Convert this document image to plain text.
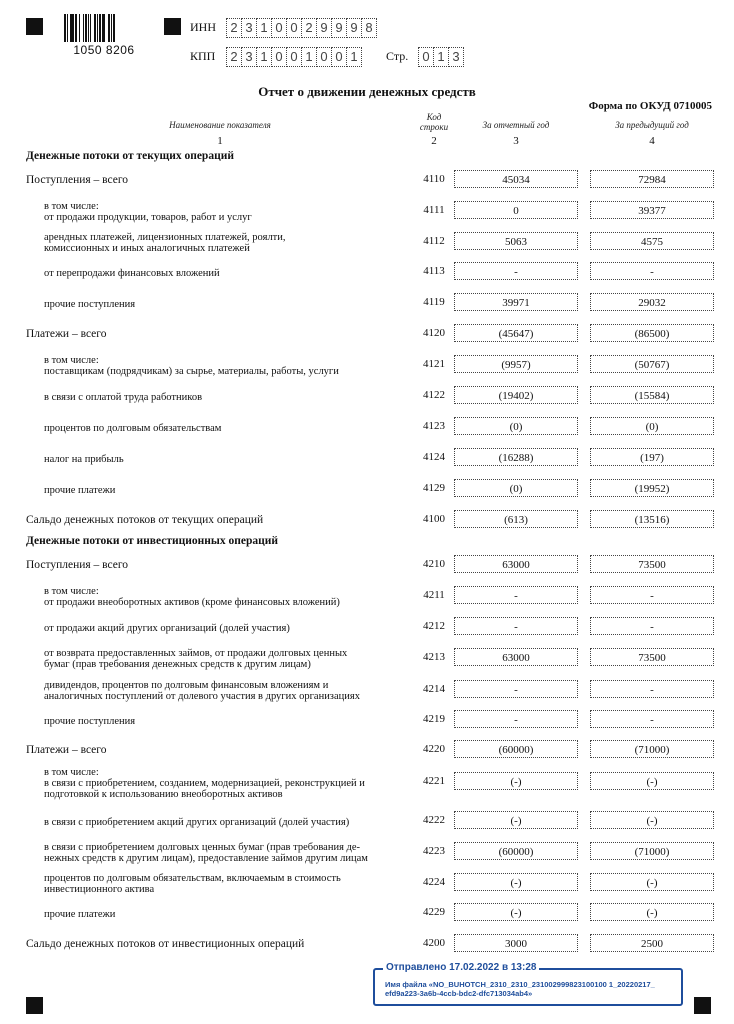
1050 8206
ИНН	2 3 1 0 0 2 9 9 9 8
КПП	2 3 1 0 0 1 0 0 1	Стр.	0 1 3
Отчет о движении денежных средств
Форма по ОКУД 0710005
Наименование показателя
Код
строки	За отчетный год	За предыдущий год
1	2	3	4
Денежные потоки от текущих операций
Денежные потоки от инвестиционных операций
Поступления – всего	4110	45034	72984
в том числе:
от продажи продукции, товаров, работ и услуг
4111	0	39377
арендных платежей, лицензионных платежей, роялти,
комиссионных и иных аналогичных платежей
4112	5063	4575
от перепродажи финансовых вложений	4113	-	-
прочие поступления	4119	39971	29032
Платежи – всего	4120	(45647)	(86500)
в том числе:
поставщикам (подрядчикам) за сырье, материалы, работы, услуги
4121	(9957)	(50767)
в связи с оплатой труда работников	4122	(19402)	(15584)
процентов по долговым обязательствам	4123	(0)	(0)
налог на прибыль	4124	(16288)	(197)
прочие платежи	4129	(0)	(19952)
Сальдо денежных потоков от текущих операций	4100	(613)	(13516)
Поступления – всего	4210	63000	73500
в том числе:
от продажи внеоборотных активов (кроме финансовых вложений)
4211	-	-
от продажи акций других организаций (долей участия)	4212	-	-
от возврата предоставленных займов, от продажи долговых ценных
бумаг (прав требования денежных средств к другим лицам)
4213	63000	73500
дивидендов, процентов по долговым финансовым вложениям и
аналогичных поступлений от долевого участия в других организациях
4214	-	-
прочие поступления	4219	-	-
Платежи – всего	4220	(60000)	(71000)
в том числе:
в связи с приобретением, созданием, модернизацией, реконструкцией и
подготовкой к использованию внеоборотных активов
4221	(-)	(-)
в связи с приобретением акций других организаций (долей участия)	4222	(-)	(-)
в связи с приобретением долговых ценных бумаг (прав требования де-
нежных средств к другим лицам), предоставление займов другим лицам
4223	(60000)	(71000)
процентов по долговым обязательствам, включаемым в стоимость
инвестиционного актива
4224	(-)	(-)
прочие платежи	4229	(-)	(-)
Сальдо денежных потоков от инвестиционных операций	4200	3000	2500
Отправлено 17.02.2022 в 13:28
Имя файла «NO_BUHOTCH_2310_2310_231002999823100100 1_20220217_
efd9a223-3a6b-4ccb-bdc2-dfc713034ab4»
